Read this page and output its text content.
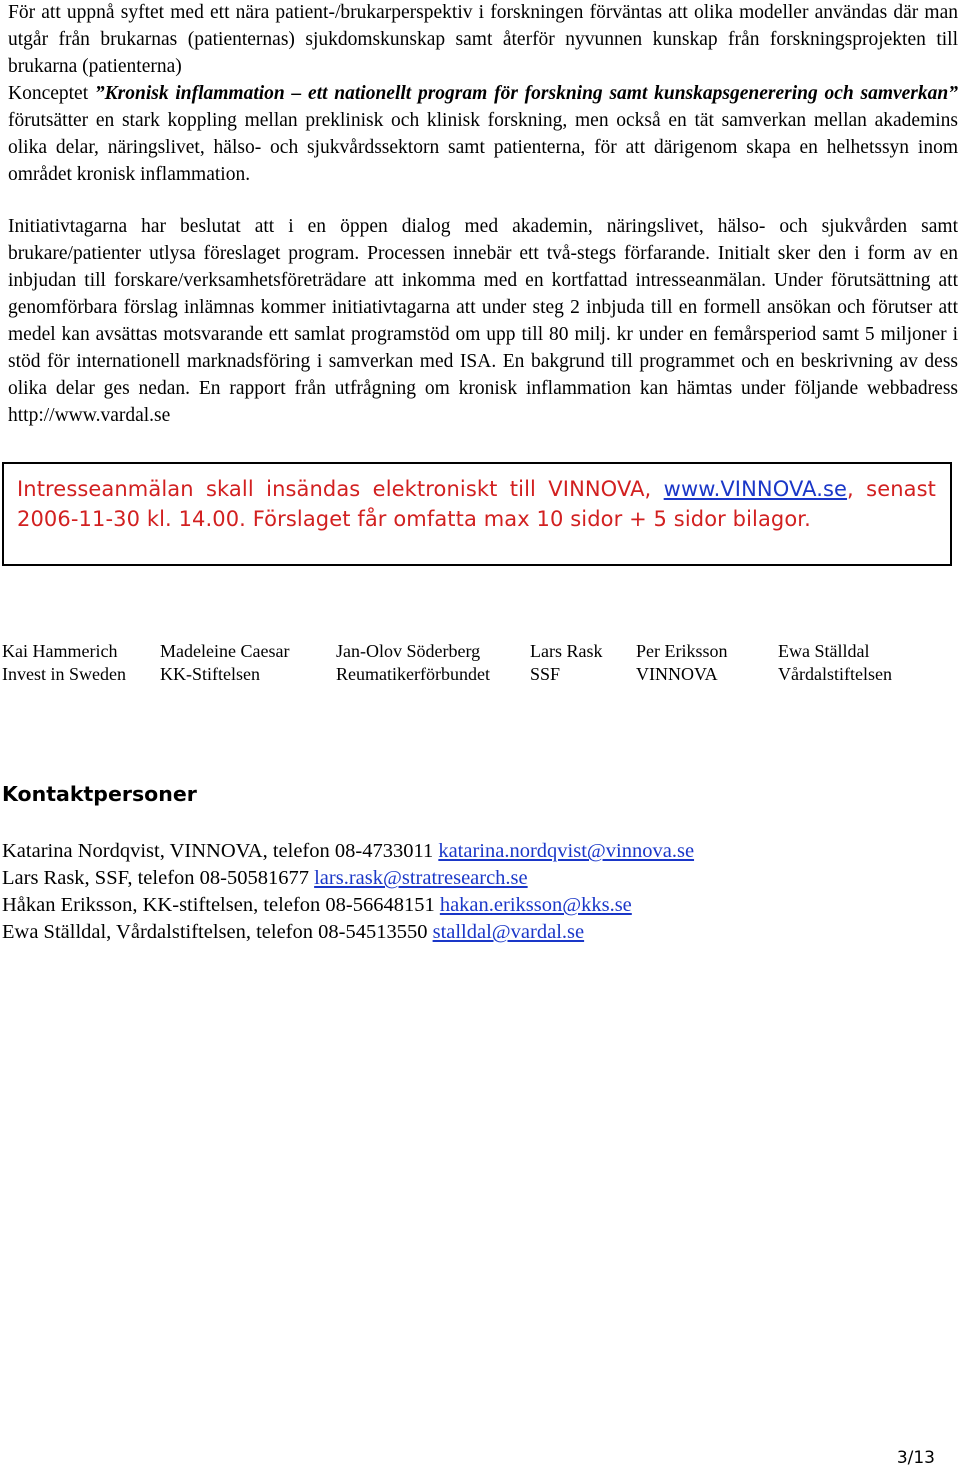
För att uppnå syftet med ett nära patient-/brukarperspektiv i forskningen förväntas att olika modeller användas där man utgår från brukarnas (patienternas) sjukdomskunskap samt återför nyvunnen kunskap från forskningsprojekten till brukarna (patienterna)

Konceptet ”Kronisk inflammation – ett nationellt program för forskning samt kunskapsgenerering och samverkan” förutsätter en stark koppling mellan preklinisk och klinisk forskning, men också en tät samverkan mellan akademins olika delar, näringslivet, hälso- och sjukvårdssektorn samt patienterna, för att därigenom skapa en helhetssyn inom området kronisk inflammation.

Initiativtagarna har beslutat att i en öppen dialog med akademin, näringslivet, hälso- och sjukvården samt brukare/patienter utlysa föreslaget program. Processen innebär ett två-stegs förfarande. Initialt sker den i form av en inbjudan till forskare/verksamhetsföreträdare att inkomma med en kortfattad intresseanmälan. Under förutsättning att genomförbara förslag inlämnas kommer initiativtagarna att under steg 2 inbjuda till en formell ansökan och förutser att medel kan avsättas motsvarande ett samlat programstöd om upp till 80 milj. kr under en femårsperiod samt 5 miljoner i stöd för internationell marknadsföring i samverkan med ISA. En bakgrund till programmet och en beskrivning av dess olika delar ges nedan. En rapport från utfrågning om kronisk inflammation kan hämtas under följande webbadress http://www.vardal.se

Intresseanmälan skall insändas elektroniskt till VINNOVA, www.VINNOVA.se, senast 2006-11-30 kl. 14.00. Förslaget får omfatta max 10 sidor + 5 sidor bilagor.
Kai Hammerich
Invest in Sweden
Madeleine Caesar
KK-Stiftelsen
Jan-Olov Söderberg
Reumatikerförbundet
Lars Rask
SSF
Per Eriksson
VINNOVA
Ewa Ställdal
Vårdalstiftelsen
Kontaktpersoner
Katarina Nordqvist, VINNOVA, telefon 08-4733011 katarina.nordqvist@vinnova.se
Lars Rask, SSF, telefon 08-50581677 lars.rask@stratresearch.se
Håkan Eriksson, KK-stiftelsen, telefon 08-56648151 hakan.eriksson@kks.se
Ewa Ställdal, Vårdalstiftelsen, telefon 08-54513550 stalldal@vardal.se
3/13
